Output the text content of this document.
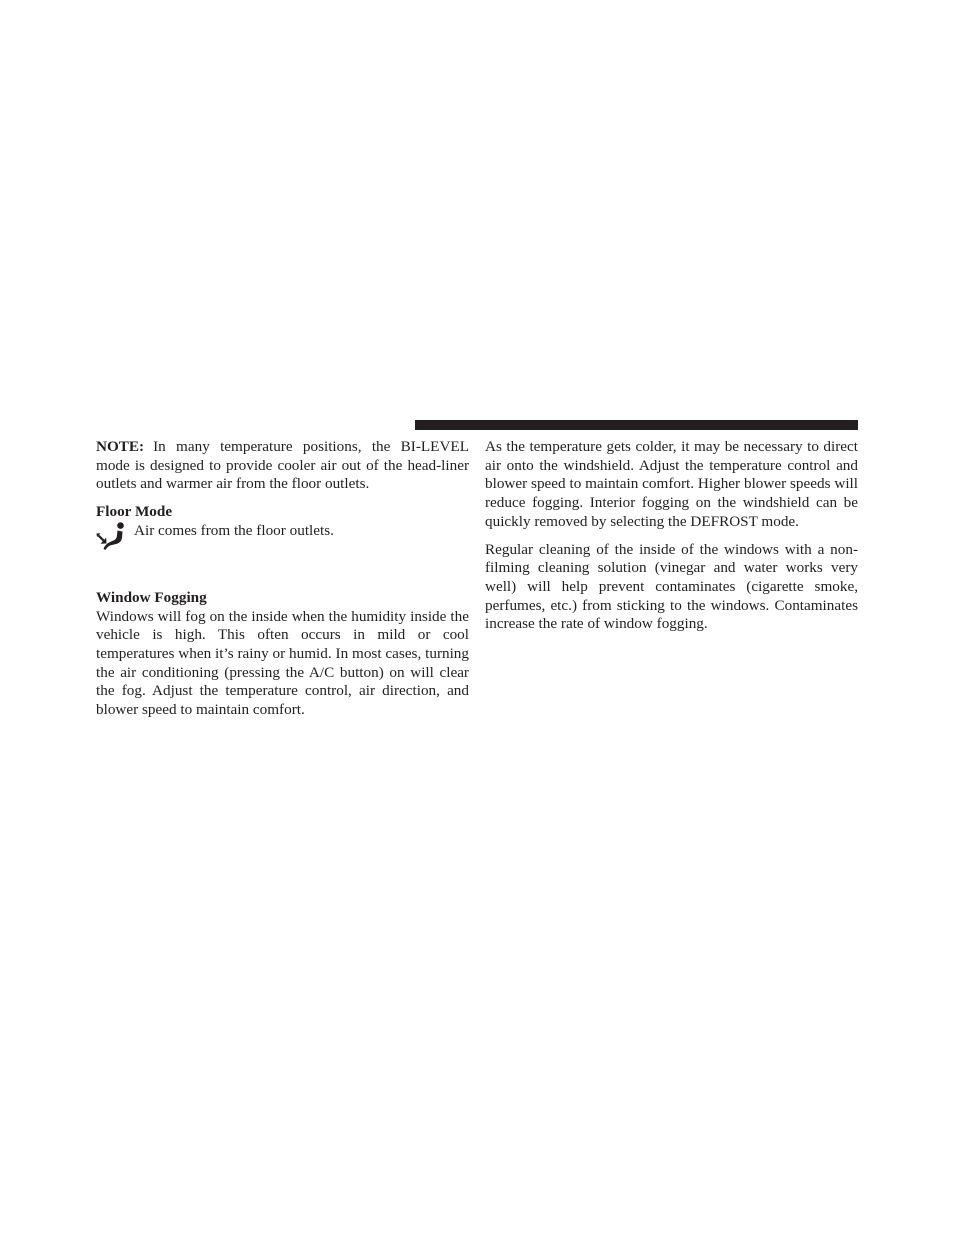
NOTE: In many temperature positions, the BI-LEVEL mode is designed to provide cooler air out of the head-liner outlets and warmer air from the floor outlets.

Floor Mode
Air comes from the floor outlets.
Window Fogging

Windows will fog on the inside when the humidity inside the vehicle is high. This often occurs in mild or cool temperatures when it’s rainy or humid. In most cases, turning the air conditioning (pressing the A/C button) on will clear the fog. Adjust the temperature control, air direction, and blower speed to maintain comfort.

As the temperature gets colder, it may be necessary to direct air onto the windshield. Adjust the temperature control and blower speed to maintain comfort. Higher blower speeds will reduce fogging. Interior fogging on the windshield can be quickly removed by selecting the DEFROST mode.

Regular cleaning of the inside of the windows with a non-filming cleaning solution (vinegar and water works very well) will help prevent contaminates (cigarette smoke, perfumes, etc.) from sticking to the windows. Contaminates increase the rate of window fogging.
